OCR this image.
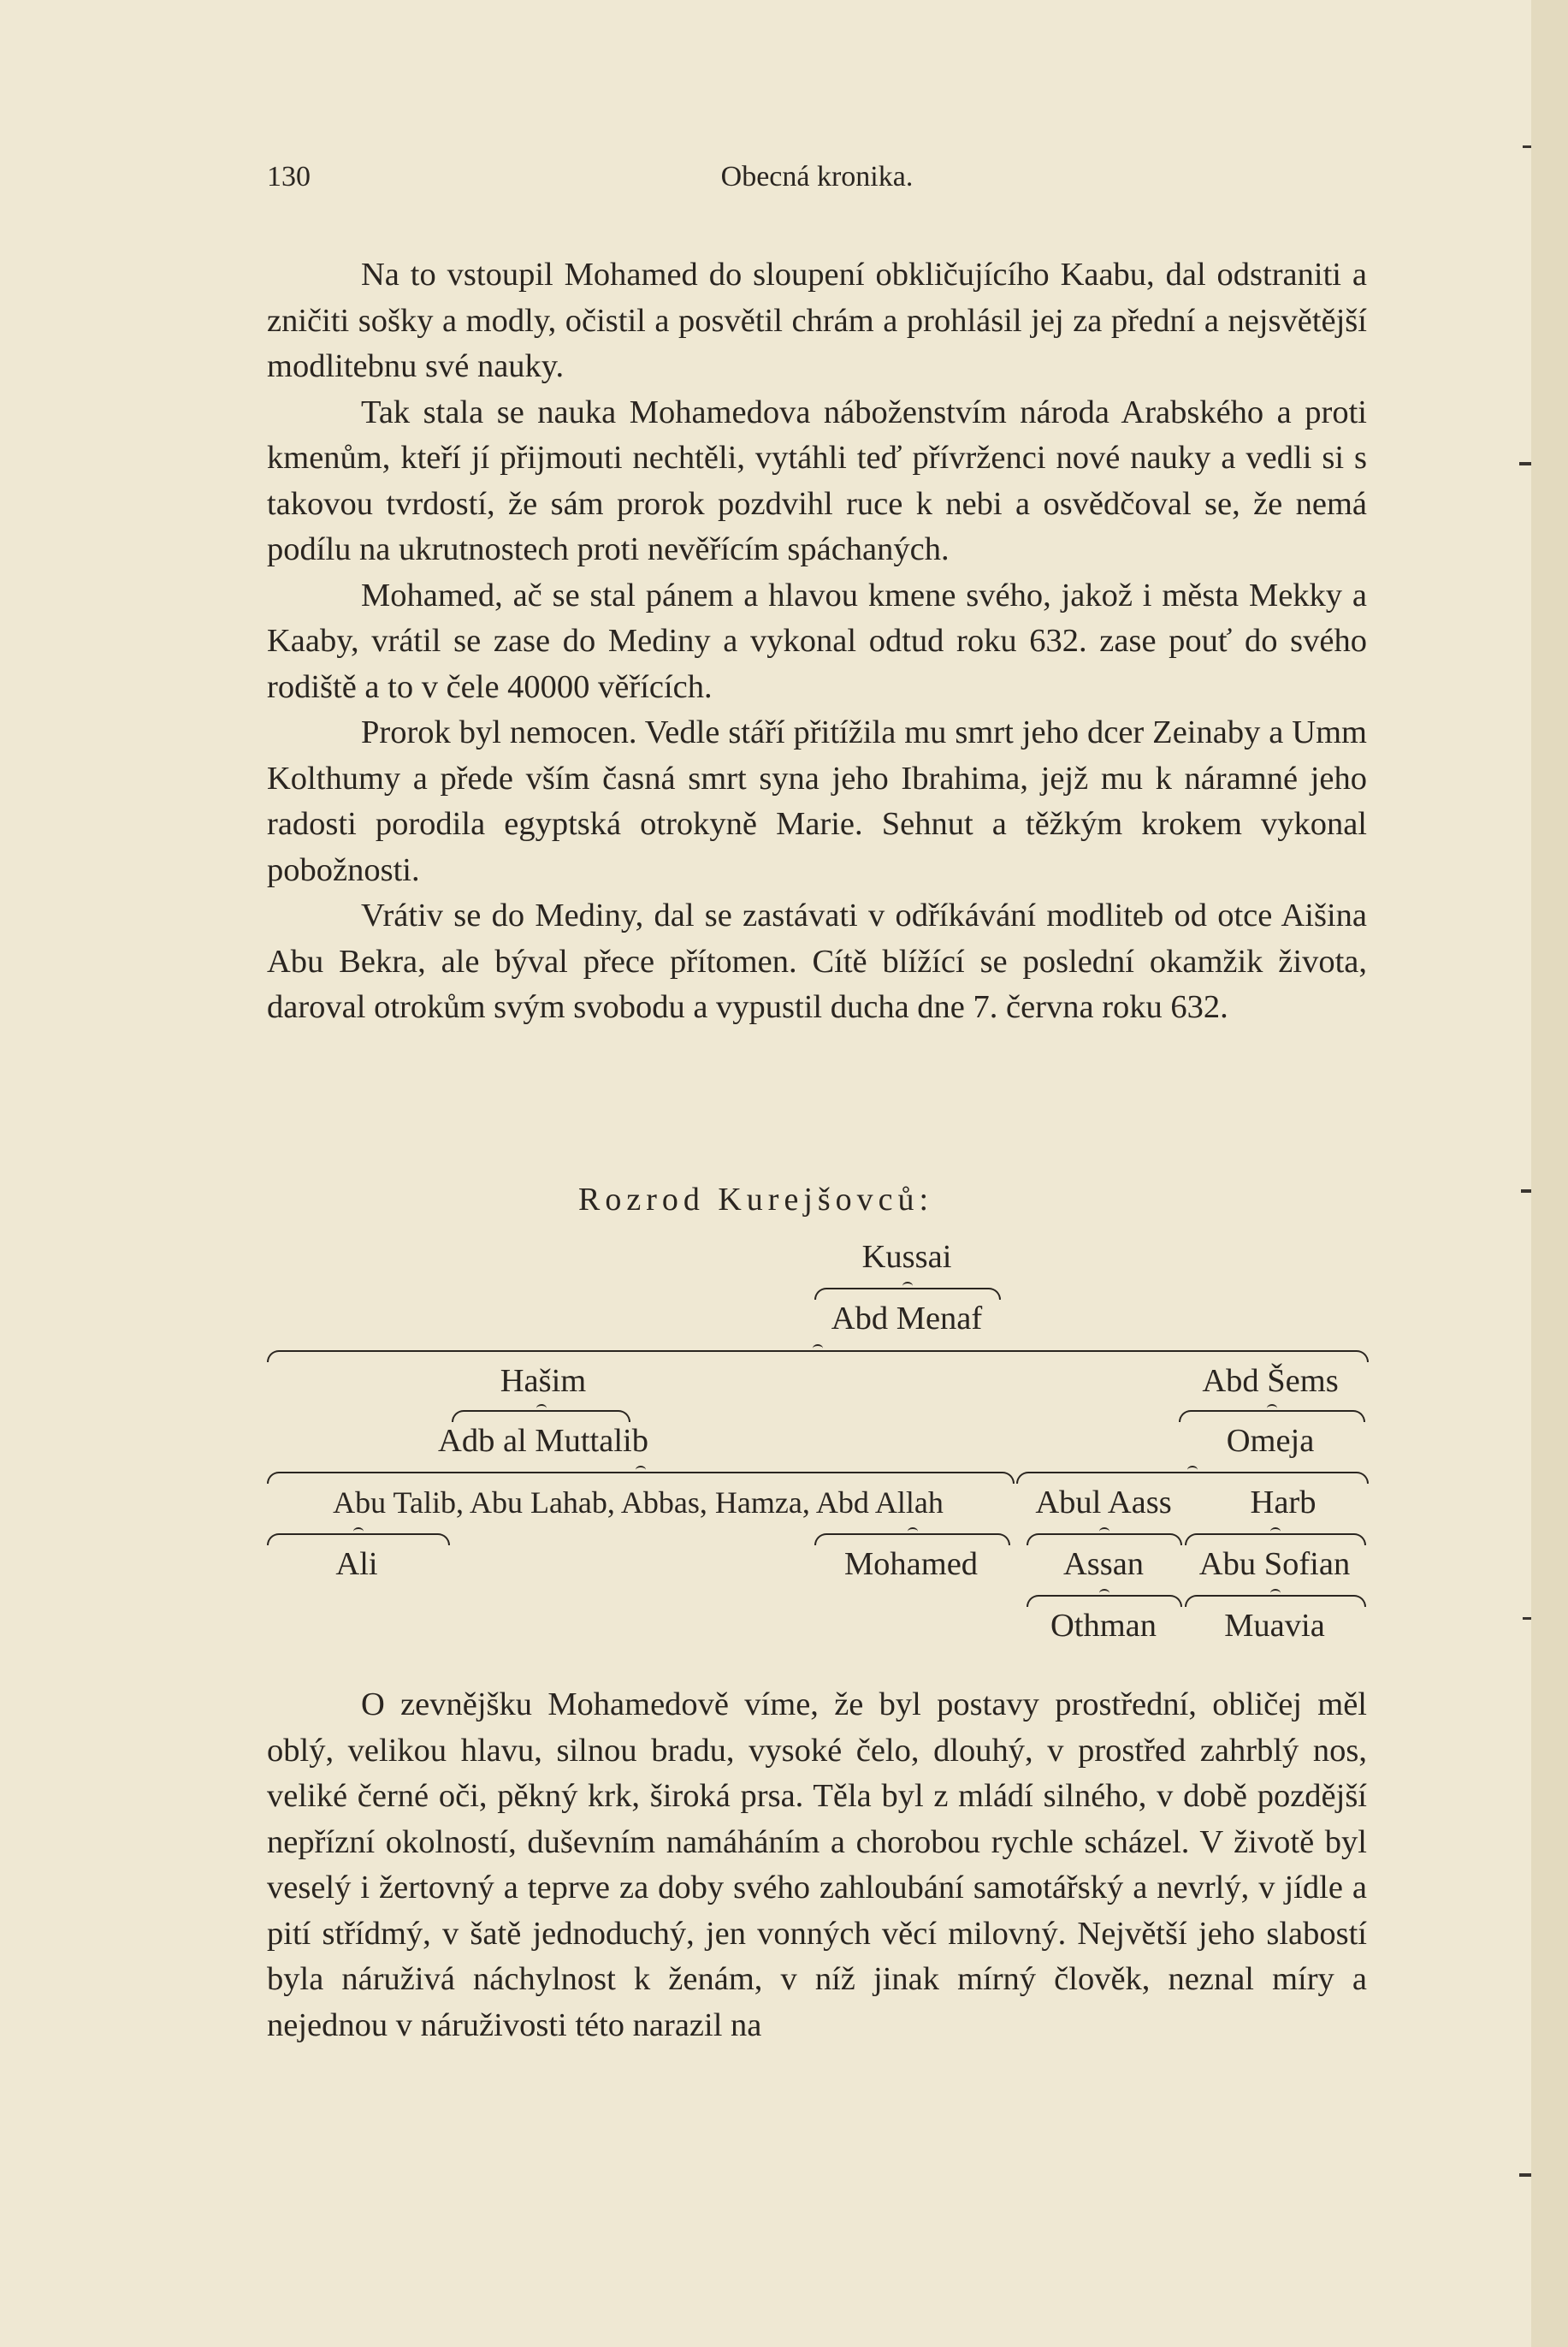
130	Obecná kronika.

Na to vstoupil Mohamed do sloupení obkličujícího Kaabu, dal odstraniti a zničiti sošky a modly, očistil a posvětil chrám a prohlásil jej za přední a nejsvětější modlitebnu své nauky.

Tak stala se nauka Mohamedova náboženstvím národa Arabského a proti kmenům, kteří jí přijmouti nechtěli, vytáhli teď přívrženci nové nauky a vedli si s takovou tvrdostí, že sám prorok pozdvihl ruce k nebi a osvědčoval se, že nemá podílu na ukrutnostech proti nevěřícím spáchaných.

Mohamed, ač se stal pánem a hlavou kmene svého, jakož i města Mekky a Kaaby, vrátil se zase do Mediny a vykonal odtud roku 632. zase pouť do svého rodiště a to v čele 40000 věřících.

Prorok byl nemocen. Vedle stáří přitížila mu smrt jeho dcer Zeinaby a Umm Kolthumy a přede vším časná smrt syna jeho Ibrahima, jejž mu k náramné jeho radosti porodila egyptská otrokyně Marie. Sehnut a těžkým krokem vykonal pobožnosti.

Vrátiv se do Mediny, dal se zastávati v odříkávání modliteb od otce Aišina Abu Bekra, ale býval přece přítomen. Cítě blížící se poslední okamžik života, daroval otrokům svým svobodu a vypustil ducha dne 7. června roku 632.

Rozrod Kurejšovců:
Kussai
Abd Menaf
Hašim	Abd Šems
Adb al Muttalib	Omeja
Abu Talib, Abu Lahab, Abbas, Hamza, Abd Allah	Abul Aass	Harb
Ali	Mohamed	Assan	Abu Sofian
Othman	Muavia

O zevnějšku Mohamedově víme, že byl postavy prostřední, obličej měl oblý, velikou hlavu, silnou bradu, vysoké čelo, dlouhý, v prostřed zahrblý nos, veliké černé oči, pěkný krk, široká prsa. Těla byl z mládí silného, v době pozdější nepřízní okolností, duševním namáháním a chorobou rychle scházel. V životě byl veselý i žertovný a teprve za doby svého zahloubání samotářský a nevrlý, v jídle a pití střídmý, v šatě jednoduchý, jen vonných věcí milovný. Největší jeho slabostí byla náruživá náchylnost k ženám, v níž jinak mírný člověk, neznal míry a nejednou v náruživosti této narazil na
